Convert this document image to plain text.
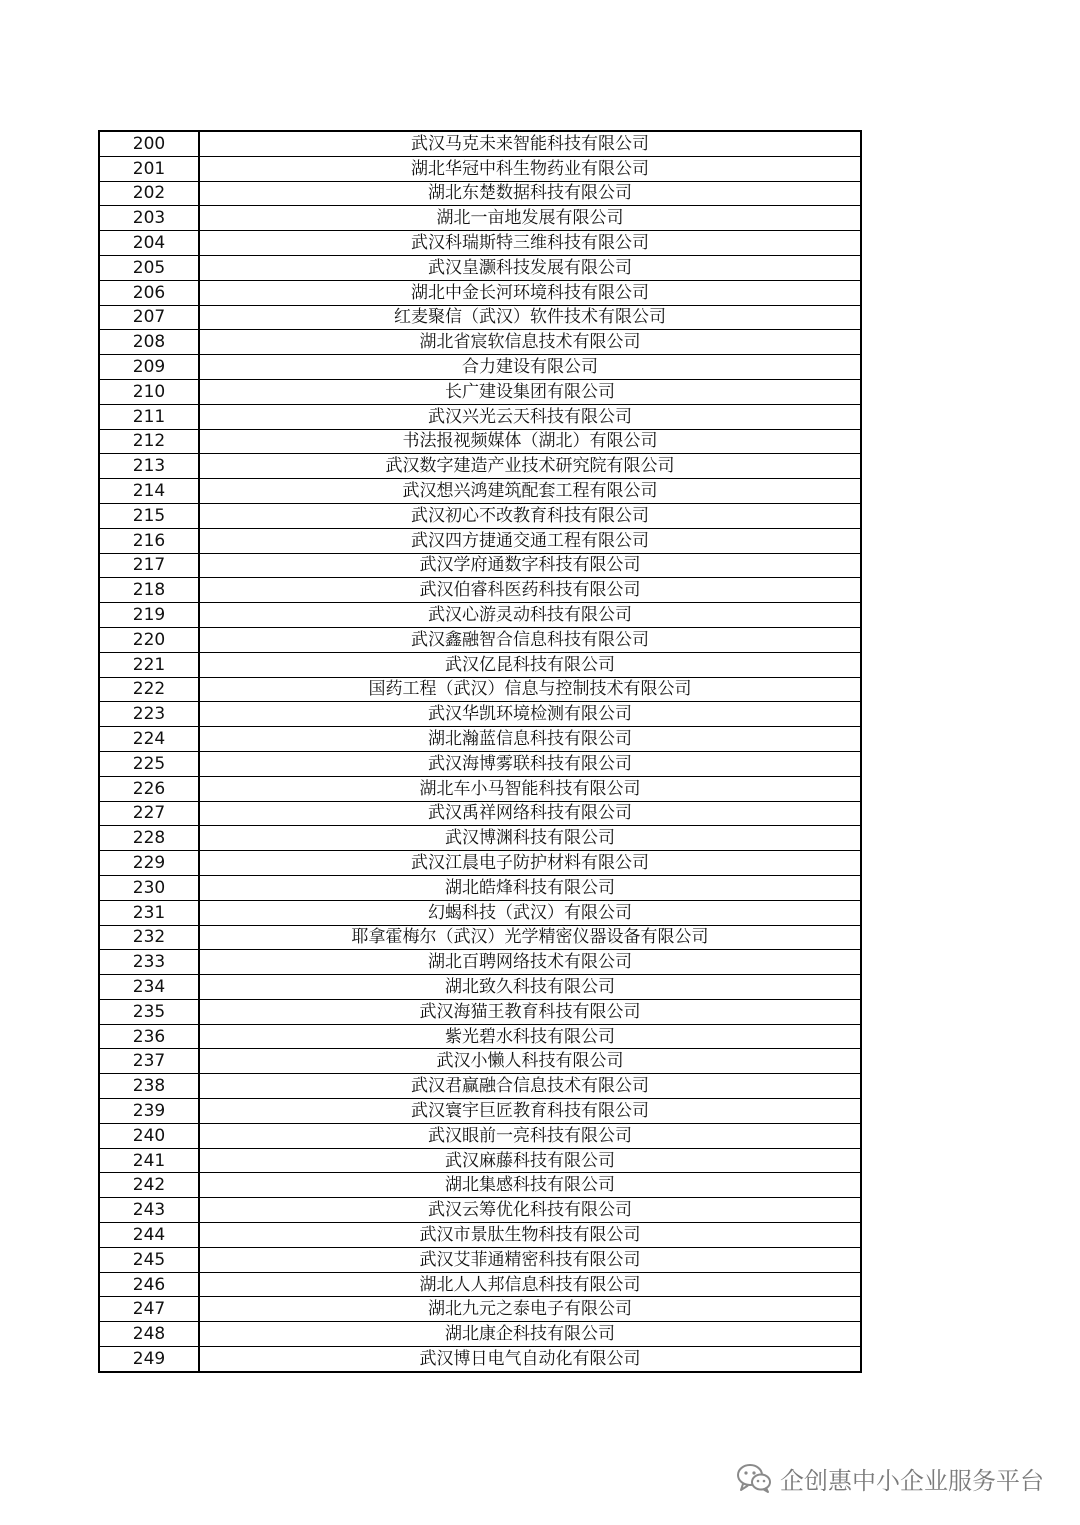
200	武汉马克未来智能科技有限公司
201	湖北华冠中科生物药业有限公司
202	湖北东楚数据科技有限公司
203	湖北一亩地发展有限公司
204	武汉科瑞斯特三维科技有限公司
205	武汉皇灏科技发展有限公司
206	湖北中金长河环境科技有限公司
207	红麦聚信（武汉）软件技术有限公司
208	湖北省宸软信息技术有限公司
209	合力建设有限公司
210	长广建设集团有限公司
211	武汉兴光云天科技有限公司
212	书法报视频媒体（湖北）有限公司
213	武汉数字建造产业技术研究院有限公司
214	武汉想兴鸿建筑配套工程有限公司
215	武汉初心不改教育科技有限公司
216	武汉四方捷通交通工程有限公司
217	武汉学府通数字科技有限公司
218	武汉伯睿科医药科技有限公司
219	武汉心游灵动科技有限公司
220	武汉鑫融智合信息科技有限公司
221	武汉亿昆科技有限公司
222	国药工程（武汉）信息与控制技术有限公司
223	武汉华凯环境检测有限公司
224	湖北瀚蓝信息科技有限公司
225	武汉海博雾联科技有限公司
226	湖北车小马智能科技有限公司
227	武汉禹祥网络科技有限公司
228	武汉博渊科技有限公司
229	武汉江晨电子防护材料有限公司
230	湖北皓烽科技有限公司
231	幻蝎科技（武汉）有限公司
232	耶拿霍梅尔（武汉）光学精密仪器设备有限公司
233	湖北百聘网络技术有限公司
234	湖北致久科技有限公司
235	武汉海猫王教育科技有限公司
236	紫光碧水科技有限公司
237	武汉小懒人科技有限公司
238	武汉君赢融合信息技术有限公司
239	武汉寰宇巨匠教育科技有限公司
240	武汉眼前一亮科技有限公司
241	武汉麻藤科技有限公司
242	湖北集感科技有限公司
243	武汉云筹优化科技有限公司
244	武汉市景肽生物科技有限公司
245	武汉艾菲通精密科技有限公司
246	湖北人人邦信息科技有限公司
247	湖北九元之泰电子有限公司
248	湖北康企科技有限公司
249	武汉博日电气自动化有限公司
企创惠中小企业服务平台
